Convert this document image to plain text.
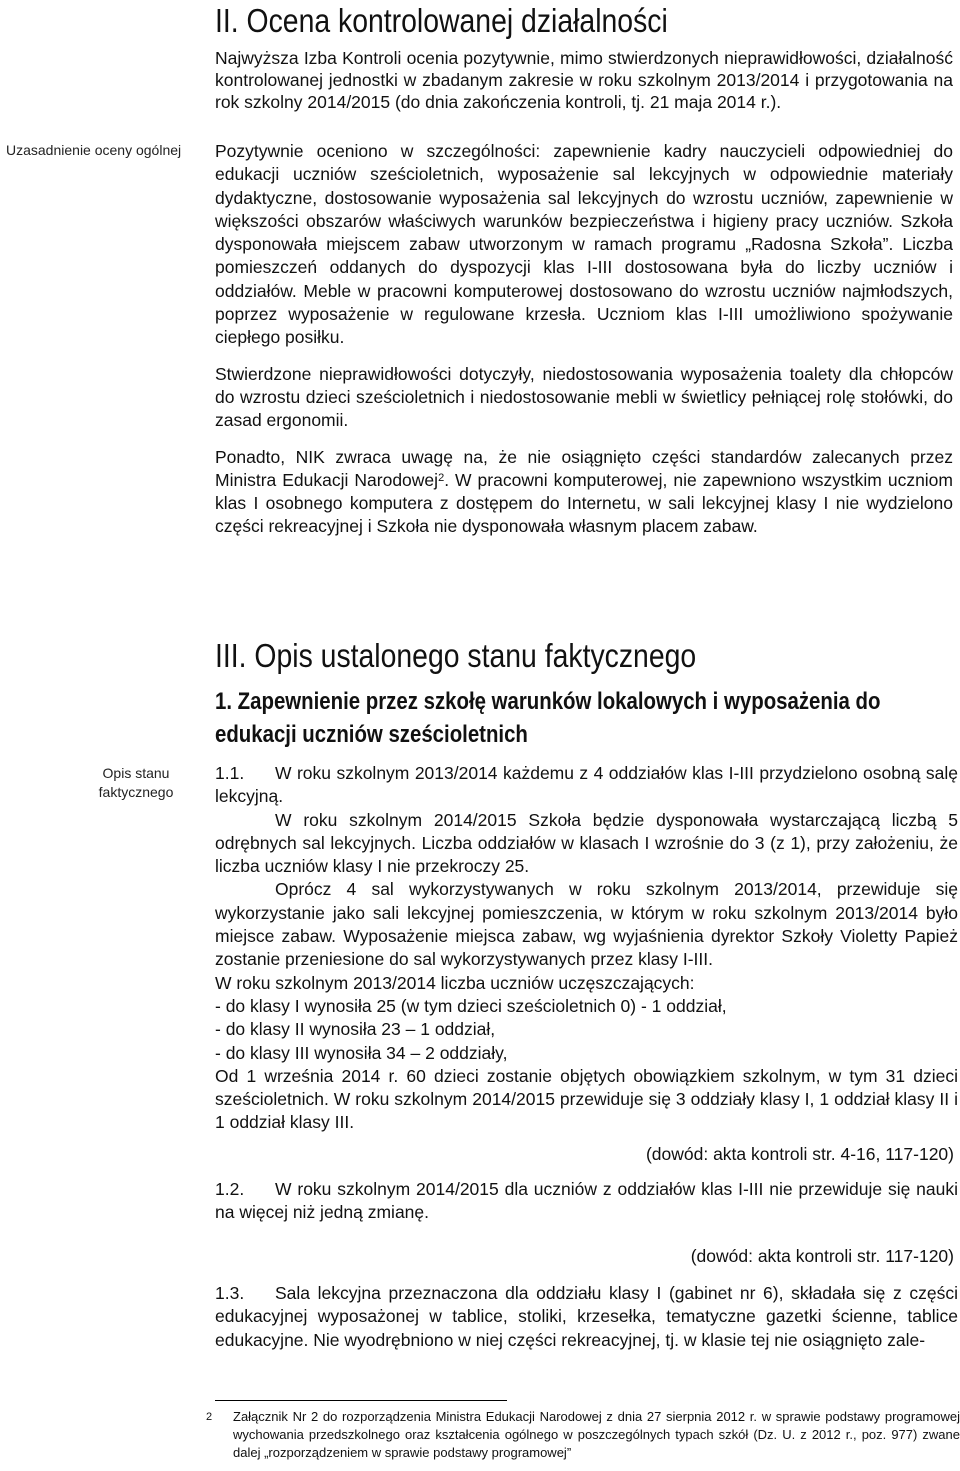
II. Ocena kontrolowanej działalności

Najwyższa Izba Kontroli ocenia pozytywnie, mimo stwierdzonych nieprawidłowości, działalność kontrolowanej jednostki w zbadanym zakresie w roku szkolnym 2013/2014 i przygotowania na rok szkolny 2014/2015 (do dnia zakończenia kontroli, tj. 21 maja 2014 r.).

Uzasadnienie oceny ogólnej	Pozytywnie oceniono w szczególności: zapewnienie kadry nauczycieli odpowiedniej do edukacji uczniów sześcioletnich, wyposażenie sal lekcyjnych w odpowiednie materiały dydaktyczne, dostosowanie wyposażenia sal lekcyjnych do wzrostu uczniów, zapewnienie w większości obszarów właściwych warunków bezpieczeństwa i higieny pracy uczniów. Szkoła dysponowała miejscem zabaw utworzonym w ramach programu „Radosna Szkoła”. Liczba pomieszczeń oddanych do dyspozycji klas I-III dostosowana była do liczby uczniów i oddziałów. Meble w pracowni komputerowej dostosowano do wzrostu uczniów najmłodszych, poprzez wyposażenie w regulowane krzesła. Uczniom klas I-III umożliwiono spożywanie ciepłego posiłku.

Stwierdzone nieprawidłowości dotyczyły, niedostosowania wyposażenia toalety dla chłopców do wzrostu dzieci sześcioletnich i niedostosowanie mebli w świetlicy pełniącej rolę stołówki, do zasad ergonomii.

Ponadto, NIK zwraca uwagę na, że nie osiągnięto części standardów zalecanych przez Ministra Edukacji Narodowej$^2$. W pracowni komputerowej, nie zapewniono wszystkim uczniom klas I osobnego komputera z dostępem do Internetu, w sali lekcyjnej klasy I nie wydzielono części rekreacyjnej i Szkoła nie dysponowała własnym placem zabaw.

III. Opis ustalonego stanu faktycznego
1. Zapewnienie przez szkołę warunków lokalowych i wyposażenia do edukacji uczniów sześcioletnich
Opis stanu
faktycznego

1.1. W roku szkolnym 2013/2014 każdemu z 4 oddziałów klas I-III przydzielono osobną salę lekcyjną.

W roku szkolnym 2014/2015 Szkoła będzie dysponowała wystarczającą liczbą 5 odrębnych sal lekcyjnych. Liczba oddziałów w klasach I wzrośnie do 3 (z 1), przy założeniu, że liczba uczniów klasy I nie przekroczy 25.

Oprócz 4 sal wykorzystywanych w roku szkolnym 2013/2014, przewiduje się wykorzystanie jako sali lekcyjnej pomieszczenia, w którym w roku szkolnym 2013/2014 było miejsce zabaw. Wyposażenie miejsca zabaw, wg wyjaśnienia dyrektor Szkoły Violetty Papież zostanie przeniesione do sal wykorzystywanych przez klasy I-III.

W roku szkolnym 2013/2014 liczba uczniów uczęszczających:

- do klasy I wynosiła 25 (w tym dzieci sześcioletnich 0) - 1 oddział,

- do klasy II wynosiła 23 – 1 oddział,

- do klasy III wynosiła 34 – 2 oddziały,

Od 1 września 2014 r. 60 dzieci zostanie objętych obowiązkiem szkolnym, w tym 31 dzieci sześcioletnich. W roku szkolnym 2014/2015 przewiduje się 3 oddziały klasy I, 1 oddział klasy II i 1 oddział klasy III.

(dowód: akta kontroli str. 4-16, 117-120)

1.2. W roku szkolnym 2014/2015 dla uczniów z oddziałów klas I-III nie przewiduje się nauki na więcej niż jedną zmianę.

(dowód: akta kontroli str. 117-120)

1.3. Sala lekcyjna przeznaczona dla oddziału klasy I (gabinet nr 6), składała się z części edukacyjnej wyposażonej w tablice, stoliki, krzesełka, tematyczne gazetki ścienne, tablice edukacyjne. Nie wyodrębniono w niej części rekreacyjnej, tj. w klasie tej nie osiągnięto zale-

2 Załącznik Nr 2 do rozporządzenia Ministra Edukacji Narodowej z dnia 27 sierpnia 2012 r. w sprawie podstawy programowej wychowania przedszkolnego oraz kształcenia ogólnego w poszczególnych typach szkół (Dz. U. z 2012 r., poz. 977) zwane dalej „rozporządzeniem w sprawie podstawy programowej”
